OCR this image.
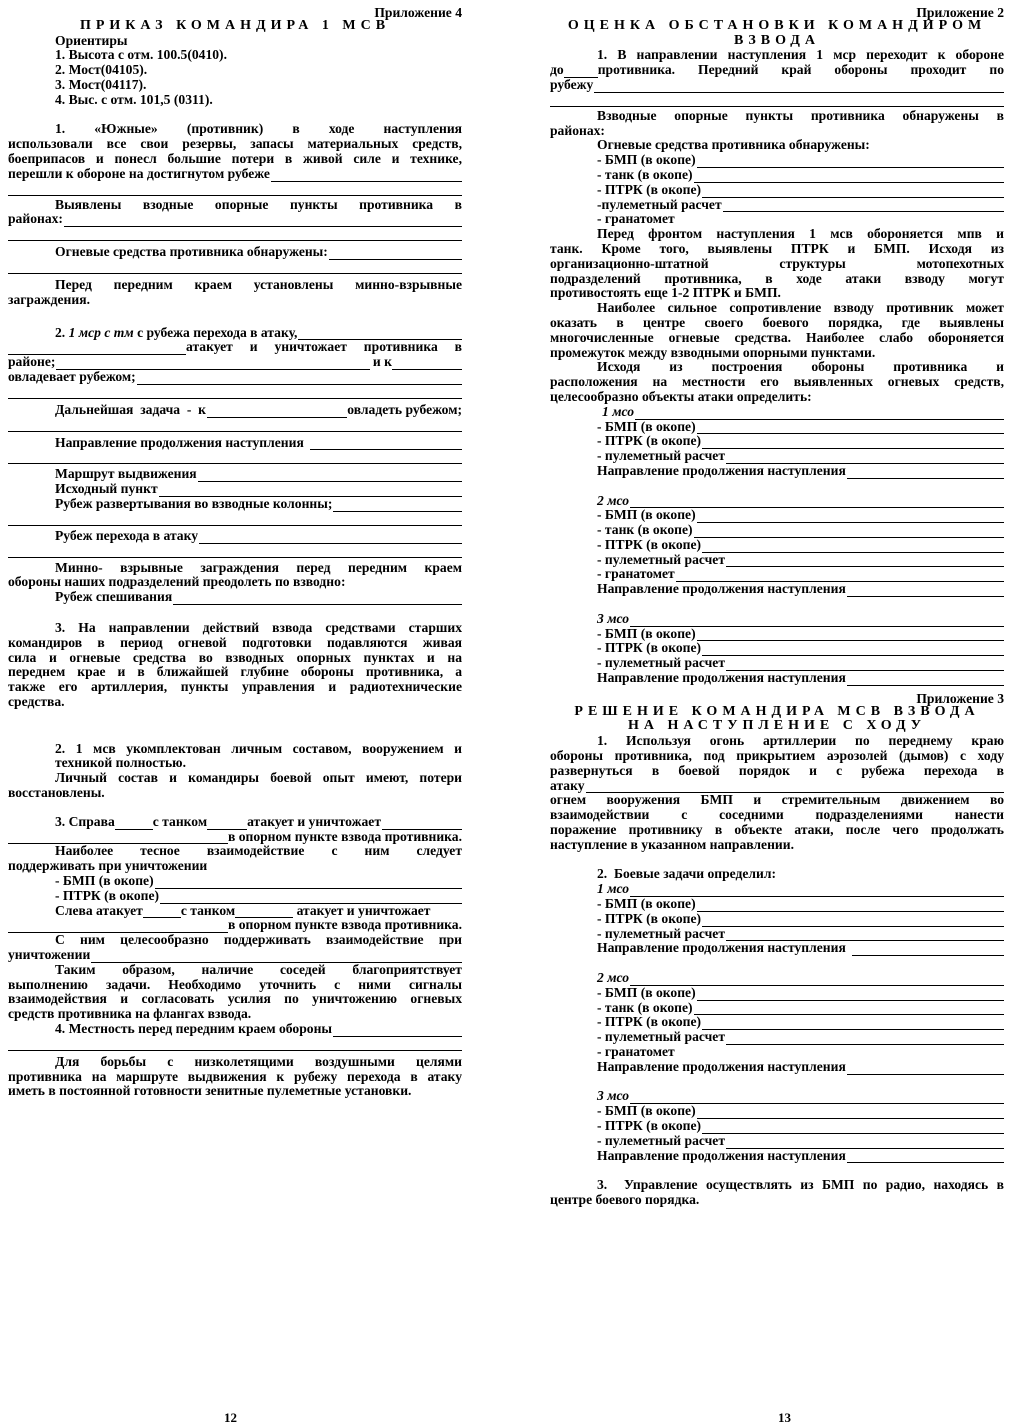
Приложение 4
ПРИКАЗ КОМАНДИРА 1 МСВ
Ориентиры
1. Высота с отм. 100.5(0410).
2. Мост(04105).
3. Мост(04117).
4. Выс. с отм. 101,5 (0311).
1.   «Южные»   (противник)   в   ходе   наступления
использовали все свои резервы, запасы материальных средств,
боеприпасов и понесл большие потери в живой силе и технике,
перешли к обороне на достигнутом рубеже
Выявлены   взодные   опорные   пункты   противника   в
районах:
Огневые средства противника обнаружены:
Перед   передним   краем   установлены   минно-взрывные
заграждения.
2.
1 мср с тм
с рубежа перехода в атаку,
атакует  и  уничтожает  противника  в
районе;
	и к
овладевает рубежом;
Дальнейшая  задача  -  к	овладеть рубежом;
Направление продолжения наступления
Маршрут выдвижения
Исходный пункт
Рубеж развертывания во взводные колонны;
Рубеж перехода в атаку
Минно-  взрывные  заграждения  перед  передним  краем
обороны наших подразделений преодолеть по взводно:
Рубеж спешивания
3. На направлении действий взвода средствами старших
командиров в период огневой подготовки подавляются живая
сила и огневые средства во взводных опорных пунктах и на
переднем крае и в ближайшей глубине обороны противника, а
также его артиллерия, пункты управления и радиотехнические
средства.
2. 1 мсв укомплектован личным составом, вооружением и
техникой полностью.
Личный состав и командиры боевой опыт имеют, потери
восстановлены.
3. Справа	с танком	атакует и уничтожает
в опорном пункте взвода противника.
Наиболее   тесное   взаимодействие   с   ним   следует
поддерживать при уничтожении
- БМП (в окопе)
- ПТРК (в окопе)
Слева атакует	с танком
	атакует и уничтожает
в опорном пункте взвода противника.
С  ним  целесообразно  поддерживать  взаимодействие  при
уничтожении
Таким   образом,   наличие   соседей   благоприятствует
выполнению  задачи.  Необходимо  уточнить  с  ними  сигналы
взаимодействия и согласовать усилия по уничтожению огневых
средств противника на флангах взвода.
4. Местность перед передним краем обороны
Для   борьбы   с   низколетящими   воздушными   целями
противника на маршруте выдвижения к рубежу перехода в атаку
иметь в постоянной готовности зенитные пулеметные установки.
Приложение 2
ОЦЕНКА ОБСТАНОВКИ КОМАНДИРОМ
ВЗВОДА
1. В направлении наступления 1 мср переходит к обороне
до	противника.  Передний  край  обороны  проходит  по
рубежу
Взводные  опорные  пункты  противника  обнаружены  в
районах:
Огневые средства противника обнаружены:
- БМП (в окопе)
- танк (в окопе)
- ПТРК (в окопе)
-пулеметный расчет
- гранатомет
Перед  фронтом  наступления  1  мсв  обороняется  мпв  и
танк.  Кроме  того,  выявлены  ПТРК  и  БМП.  Исходя  из
организационно-штатной          структуры          мотопехотных
подразделений  противника,  в  ходе  атаки  взводу  могут
противостоять еще 1-2 ПТРК и БМП.
Наиболее сильное сопротивление взводу противник может
оказать  в  центре  своего  боевого  порядка,  где  выявлены
многочисленные огневые средства. Наиболее слабо обороняется
промежуток между взводными опорными пунктами.
Исходя   из   построения   обороны   противника   и
расположения на местности его выявленных огневых средств,
целесообразно объекты атаки определить:
1 мсо
- БМП (в окопе)
- ПТРК (в окопе)
- пулеметный расчет
Направление продолжения наступления
2 мсо
- БМП (в окопе)
- танк (в окопе)
- ПТРК (в окопе)
- пулеметный расчет
- гранатомет
Направление продолжения наступления
3 мсо
- БМП (в окопе)
- ПТРК (в окопе)
- пулеметный расчет
Направление продолжения наступления
Приложение 3
РЕШЕНИЕ КОМАНДИРА МСВ ВЗВОДА
НА НАСТУПЛЕНИЕ С ХОДУ
1.  Используя  огонь  артиллерии  по  переднему  краю
обороны противника, под прикрытием аэрозолей (дымов) с ходу
развернуться  в  боевой  порядок  и  с  рубежа  перехода  в
атаку
огнем  вооружения  БМП  и  стремительным  движением  во
взаимодействии  с  соседними  подразделениями  нанести
поражение противнику в объекте атаки, после чего продолжать
наступление в указанном направлении.
2.  Боевые задачи определил:
1 мсо
- БМП (в окопе)
- ПТРК (в окопе)
- пулеметный расчет
Направление продолжения наступления
2 мсо
- БМП (в окопе)
- танк (в окопе)
- ПТРК (в окопе)
- пулеметный расчет
- гранатомет
Направление продолжения наступления
3 мсо
- БМП (в окопе)
- ПТРК (в окопе)
- пулеметный расчет
Направление продолжения наступления
3.  Управление осуществлять из БМП по радио, находясь в
центре боевого порядка.
12	13
